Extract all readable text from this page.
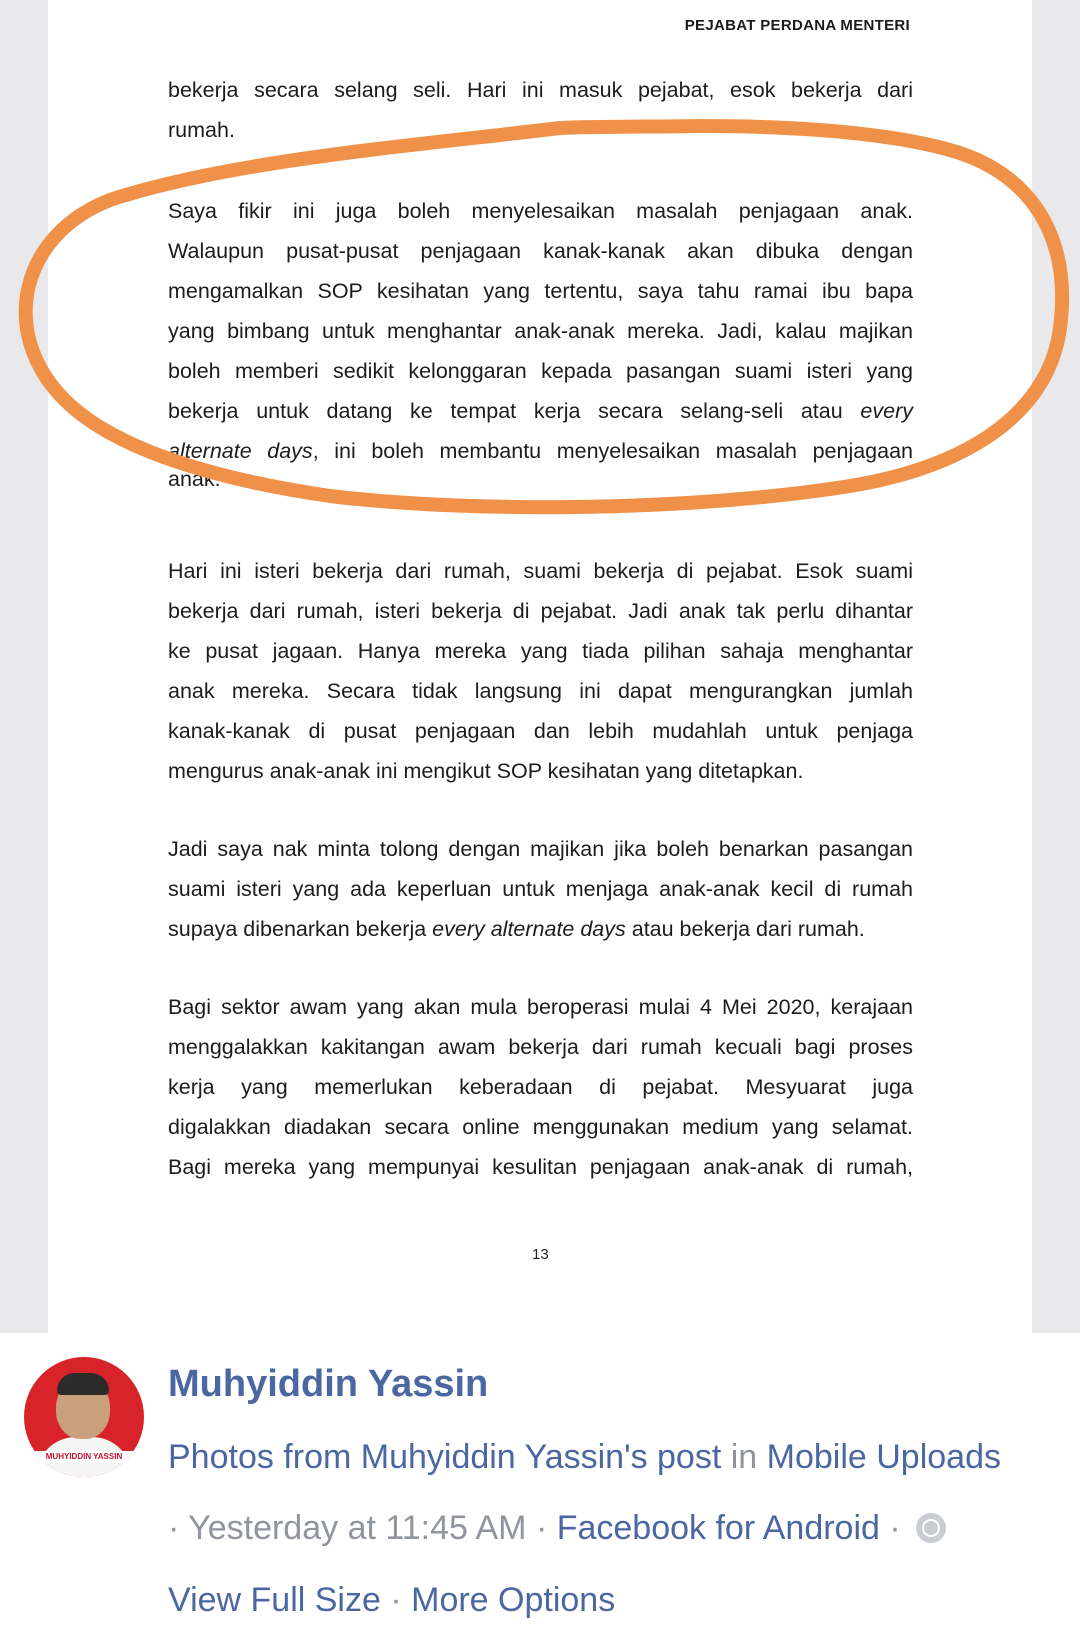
PEJABAT PERDANA MENTERI
bekerja secara selang seli. Hari ini masuk pejabat, esok bekerja dari
rumah.
Saya fikir ini juga boleh menyelesaikan masalah penjagaan anak.
Walaupun pusat-pusat penjagaan kanak-kanak akan dibuka dengan
mengamalkan SOP kesihatan yang tertentu, saya tahu ramai ibu bapa
yang bimbang untuk menghantar anak-anak mereka. Jadi, kalau majikan
boleh memberi sedikit kelonggaran kepada pasangan suami isteri yang
bekerja untuk datang ke tempat kerja secara selang-seli atau every
alternate days, ini boleh membantu menyelesaikan masalah penjagaan
anak.
Hari ini isteri bekerja dari rumah, suami bekerja di pejabat. Esok suami
bekerja dari rumah, isteri bekerja di pejabat. Jadi anak tak perlu dihantar
ke pusat jagaan. Hanya mereka yang tiada pilihan sahaja menghantar
anak mereka. Secara tidak langsung ini dapat mengurangkan jumlah
kanak-kanak di pusat penjagaan dan lebih mudahlah untuk penjaga
mengurus anak-anak ini mengikut SOP kesihatan yang ditetapkan.
Jadi saya nak minta tolong dengan majikan jika boleh benarkan pasangan
suami isteri yang ada keperluan untuk menjaga anak-anak kecil di rumah
supaya dibenarkan bekerja every alternate days atau bekerja dari rumah.
Bagi sektor awam yang akan mula beroperasi mulai 4 Mei 2020, kerajaan
menggalakkan kakitangan awam bekerja dari rumah kecuali bagi proses
kerja yang memerlukan keberadaan di pejabat. Mesyuarat juga
digalakkan diadakan secara online menggunakan medium yang selamat.
Bagi mereka yang mempunyai kesulitan penjagaan anak-anak di rumah,
13
MUHYIDDIN YASSIN
Muhyiddin Yassin
Photos from Muhyiddin Yassin's post in Mobile Uploads
· Yesterday at 11:45 AM · Facebook for Android ·
View Full Size · More Options
